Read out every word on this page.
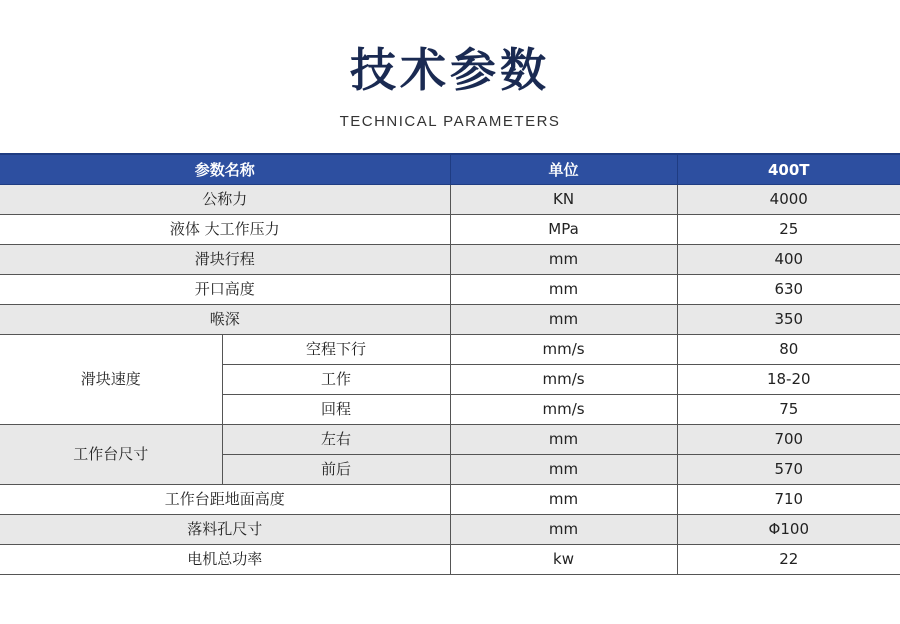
技术参数
TECHNICAL PARAMETERS
参数名称		单位	400T
公称力		KN	4000
液体 大工作压力		MPa	25
滑块行程		mm	400
开口高度		mm	630
喉深		mm	350
滑块速度	空程下行	mm/s	80
	工作	mm/s	18-20
	回程	mm/s	75
工作台尺寸	左右	mm	700
	前后	mm	570
工作台距地面高度		mm	710
落料孔尺寸		mm	Φ100
电机总功率		kw	22
